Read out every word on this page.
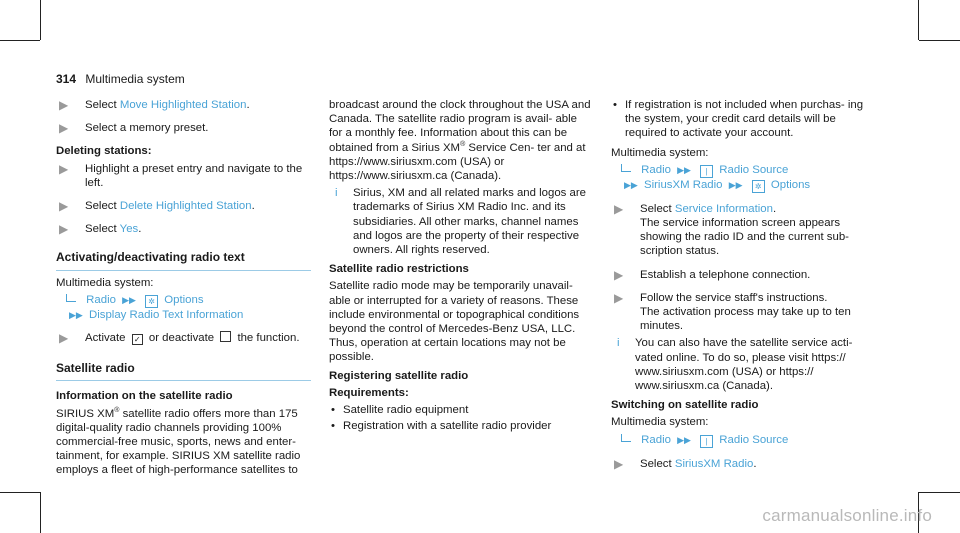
314 Multimedia system
▶ Select Move Highlighted Station.
▶ Select a memory preset.
Deleting stations:
▶ Highlight a preset entry and navigate to the left.
▶ Select Delete Highlighted Station.
▶ Select Yes.
Activating/deactivating radio text
Multimedia system:
Radio ▶▶ ✲ Options
▶▶ Display Radio Text Information
▶ Activate ✓ or deactivate the function.
Satellite radio
Information on the satellite radio
SIRIUS XM® satellite radio offers more than 175 digital-quality radio channels providing 100% commercial-free music, sports, news and enter- tainment, for example. SIRIUS XM satellite radio employs a fleet of high-performance satellites to
broadcast around the clock throughout the USA and Canada. The satellite radio program is avail- able for a monthly fee. Information about this can be obtained from a Sirius XM® Service Cen- ter and at https://www.siriusxm.com (USA) or https://www.siriusxm.ca (Canada).
i Sirius, XM and all related marks and logos are trademarks of Sirius XM Radio Inc. and its subsidiaries. All other marks, channel names and logos are the property of their respective owners. All rights reserved.
Satellite radio restrictions
Satellite radio mode may be temporarily unavail- able or interrupted for a variety of reasons. These include environmental or topographical conditions beyond the control of Mercedes-Benz USA, LLC. Thus, operation at certain locations may not be possible.
Registering satellite radio
Requirements:
• Satellite radio equipment
• Registration with a satellite radio provider
• If registration is not included when purchas- ing the system, your credit card details will be required to activate your account.
Multimedia system:
Radio ▶▶ | Radio Source
▶▶ SiriusXM Radio ▶▶ ✲ Options
▶ Select Service Information.
The service information screen appears showing the radio ID and the current sub- scription status.
▶ Establish a telephone connection.
▶ Follow the service staff's instructions.
The activation process may take up to ten minutes.
i You can also have the satellite service acti- vated online. To do so, please visit https:// www.siriusxm.com (USA) or https:// www.siriusxm.ca (Canada).
Switching on satellite radio
Multimedia system:
Radio ▶▶ | Radio Source
▶ Select SiriusXM Radio.
carmanualsonline.info
